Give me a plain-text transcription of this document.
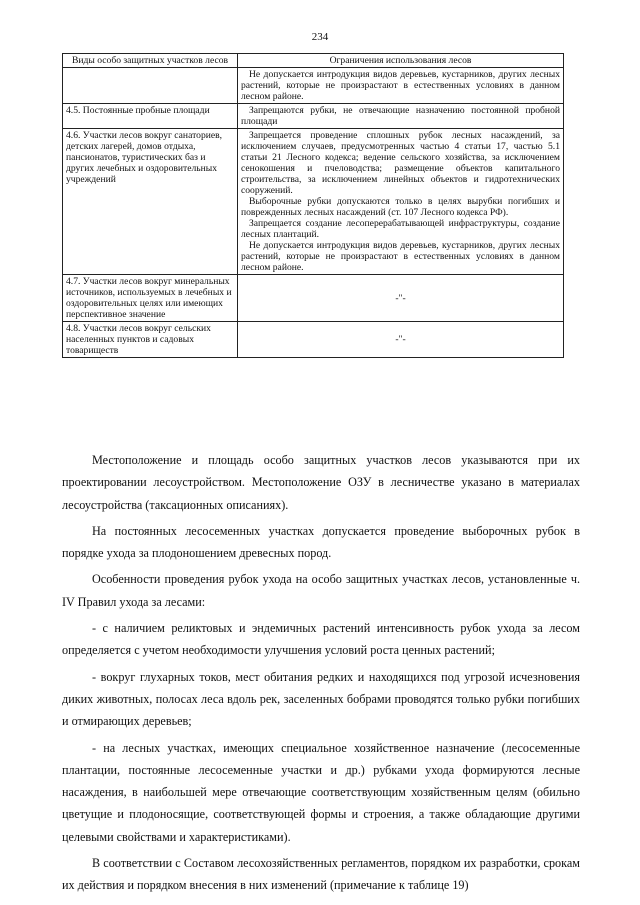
234
Виды особо защитных участков лесов	Ограничения использования лесов

	Не допускается интродукция видов деревьев, кустарников, других лесных растений, которые не произрастают в естественных условиях в данном лесном районе.

4.5. Постоянные пробные площади	Запрещаются рубки, не отвечающие назначению постоянной пробной площади

4.6. Участки лесов вокруг санаториев, детских лагерей, домов отдыха, пансионатов, туристических баз и других лечебных и оздоровительных учреждений	Запрещается проведение сплошных рубок лесных насаждений, за исключением случаев, предусмотренных частью 4 статьи 17, частью 5.1 статьи 21 Лесного кодекса; ведение сельского хозяйства, за исключением сенокошения и пчеловодства; размещение объектов капитального строительства, за исключением линейных объектов и гидротехнических сооружений.

Выборочные рубки допускаются только в целях вырубки погибших и поврежденных лесных насаждений (ст. 107 Лесного кодекса РФ).

Запрещается создание лесоперерабатывающей инфраструктуры, создание лесных плантаций.

Не допускается интродукция видов деревьев, кустарников, других лесных растений, которые не произрастают в естественных условиях в данном лесном районе.

4.7. Участки лесов вокруг минеральных источников, используемых в лечебных и оздоровительных целях или имеющих перспективное значение	-"-
4.8. Участки лесов вокруг сельских населенных пунктов и садовых товариществ	-"-

Местоположение и площадь особо защитных участков лесов указываются при их проектировании лесоустройством. Местоположение ОЗУ в лесничестве указано в материалах лесоустройства (таксационных описаниях).

На постоянных лесосеменных участках допускается проведение выборочных рубок в порядке ухода за плодоношением древесных пород.

Особенности проведения рубок ухода на особо защитных участках лесов, установленные ч. IV Правил ухода за лесами:

- с наличием реликтовых и эндемичных растений интенсивность рубок ухода за лесом определяется с учетом необходимости улучшения условий роста ценных растений;

- вокруг глухарных токов, мест обитания редких и находящихся под угрозой исчезновения диких животных, полосах леса вдоль рек, заселенных бобрами проводятся только рубки погибших и отмирающих деревьев;

- на лесных участках, имеющих специальное хозяйственное назначение (лесосеменные плантации, постоянные лесосеменные участки и др.) рубками ухода формируются лесные насаждения, в наибольшей мере отвечающие соответствующим хозяйственным целям (обильно цветущие и плодоносящие, соответствующей формы и строения, а также обладающие другими целевыми свойствами и характеристиками).

В соответствии с Составом лесохозяйственных регламентов, порядком их разработки, срокам их действия и порядком внесения в них изменений (примечание к таблице 19)
